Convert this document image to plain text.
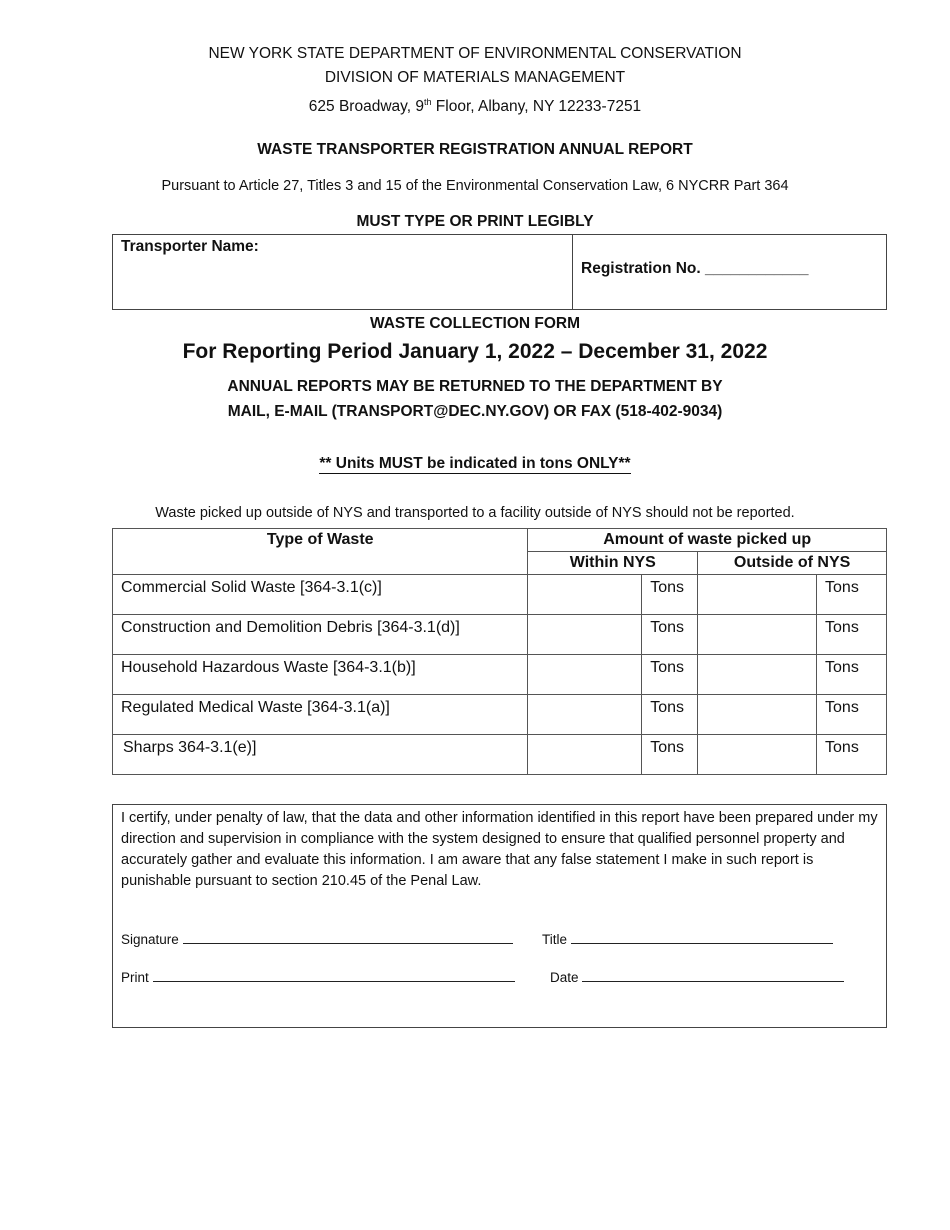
NEW YORK STATE DEPARTMENT OF ENVIRONMENTAL CONSERVATION
DIVISION OF MATERIALS MANAGEMENT
625 Broadway, 9th Floor, Albany, NY 12233-7251
WASTE TRANSPORTER REGISTRATION ANNUAL REPORT
Pursuant to Article 27, Titles 3 and 15 of the Environmental Conservation Law, 6 NYCRR Part 364
MUST TYPE OR PRINT LEGIBLY
Transporter Name:
Registration No. ____________
WASTE COLLECTION FORM
For Reporting Period January 1, 2022 – December 31, 2022
ANNUAL REPORTS MAY BE RETURNED TO THE DEPARTMENT BY
MAIL, E-MAIL (TRANSPORT@DEC.NY.GOV) OR FAX (518-402-9034)
** Units MUST be indicated in tons ONLY**
Waste picked up outside of NYS and transported to a facility outside of NYS should not be reported.
Type of Waste	Amount of waste picked up			
	Within NYS		Outside of NYS	
Commercial Solid Waste [364-3.1(c)]		Tons		Tons
Construction and Demolition Debris [364-3.1(d)]		Tons		Tons
Household Hazardous Waste [364-3.1(b)]		Tons		Tons
Regulated Medical Waste [364-3.1(a)]		Tons		Tons
Sharps 364-3.1(e)]		Tons		Tons
I certify, under penalty of law, that the data and other information identified in this report have been prepared under my direction and supervision in compliance with the system designed to ensure that qualified personnel property and accurately gather and evaluate this information. I am aware that any false statement I make in such report is punishable pursuant to section 210.45 of the Penal Law.
Signature	Title
Print	Date
